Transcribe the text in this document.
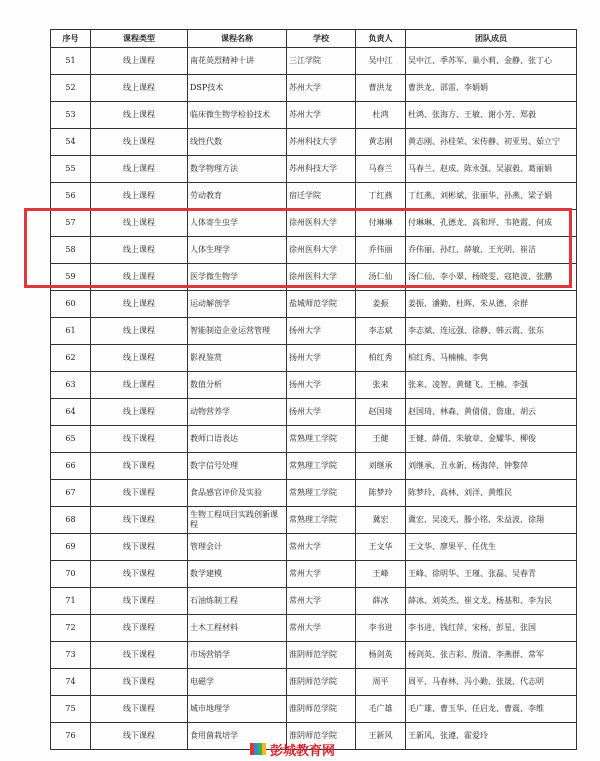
序号	课程类型	课程名称	学校	负责人	团队成员
51	线上课程	南花英烈精神十讲	三江学院	吴中江	吴中江、季苏军、巢小莉、金静、张丁心
52	线上课程	DSP技术	苏州大学	曹洪龙	曹洪龙、邵雷、李娟娟
53	线上课程	临床微生物学检验技术	苏州大学	杜鸿	杜鸿、张海方、王敏、谢小芳、郑毅
54	线上课程	线性代数	苏州科技大学	黄志刚	黄志刚、孙桂荣、宋传静、初亚男、茹立宁
55	线上课程	数学物理方法	苏州科技大学	马春兰	马春兰、赵成、陈永强、吴淑毅、葛丽娟
56	线上课程	劳动教育	宿迁学院	丁红燕	丁红燕、刘彬斌、张丽华、孙燕、梁子娟
57	线上课程	人体寄生虫学	徐州医科大学	付琳琳	付琳琳、孔德龙、高和坪、韦艳霞、何成
58	线上课程	人体生理学	徐州医科大学	乔伟丽	乔伟丽、孙红、薛敏、王光明、崔洁
59	线上课程	医学微生物学	徐州医科大学	汤仁仙	汤仁仙、李小翠、杨晓雯、寇艳波、张鹏
60	线上课程	运动解剖学	盐城师范学院	姜振	姜振、潘勤、杜晖、朱从德、余群
61	线上课程	智能制造企业运营管理	扬州大学	李志斌	李志斌、连远强、徐静、韩云霞、张东
62	线上课程	影视鉴赏	扬州大学	柏红秀	柏红秀、马楠楠、李隽
63	线上课程	数值分析	扬州大学	张来	张来、凌智、黄健飞、王楠、李强
64	线上课程	动物营养学	扬州大学	赵国琦	赵国琦、林森、黄倩倩、詹康、胡云
65	线下课程	教师口语表达	常熟理工学院	王健	王健、薛倩、朱敏章、金耀华、柳俊
66	线下课程	数字信号处理	常熟理工学院	刘继承	刘继承、丑永新、杨海萍、钟黎萍
67	线下课程	食品感官评价及实验	常熟理工学院	陈梦玲	陈梦玲、高林、刘洋、黄维民
68	线下课程	生物工程项目实践创新课程	常熟理工学院	冀宏	冀宏、吴凌天、滕小铭、朱益波、徐翔
69	线下课程	管理会计	常州大学	王文华	王文华、廖果平、任优生
70	线下课程	数学建模	常州大学	王峰	王峰、徐明华、王瑾、张磊、吴春青
71	线下课程	石油炼制工程	常州大学	薛冰	薛冰、刘英杰、崔文龙、杨基和、李为民
72	线下课程	土木工程材料	常州大学	李书进	李书进、钱红萍、宋杨、彭星、张国
73	线下课程	市场营销学	淮阴师范学院	杨剑英	杨剑英、张吉彩、殷清、李燕群、常军
74	线下课程	电磁学	淮阴师范学院	周平	周平、马春林、冯小勤、张晟、代志明
75	线下课程	城市地理学	淮阴师范学院	毛广雄	毛广雄、曹玉华、任启龙、曹震、李维
76	线下课程	食用菌栽培学	淮阴师范学院	王新风	王新风、张遵、霍爱玲
彭城教育网
